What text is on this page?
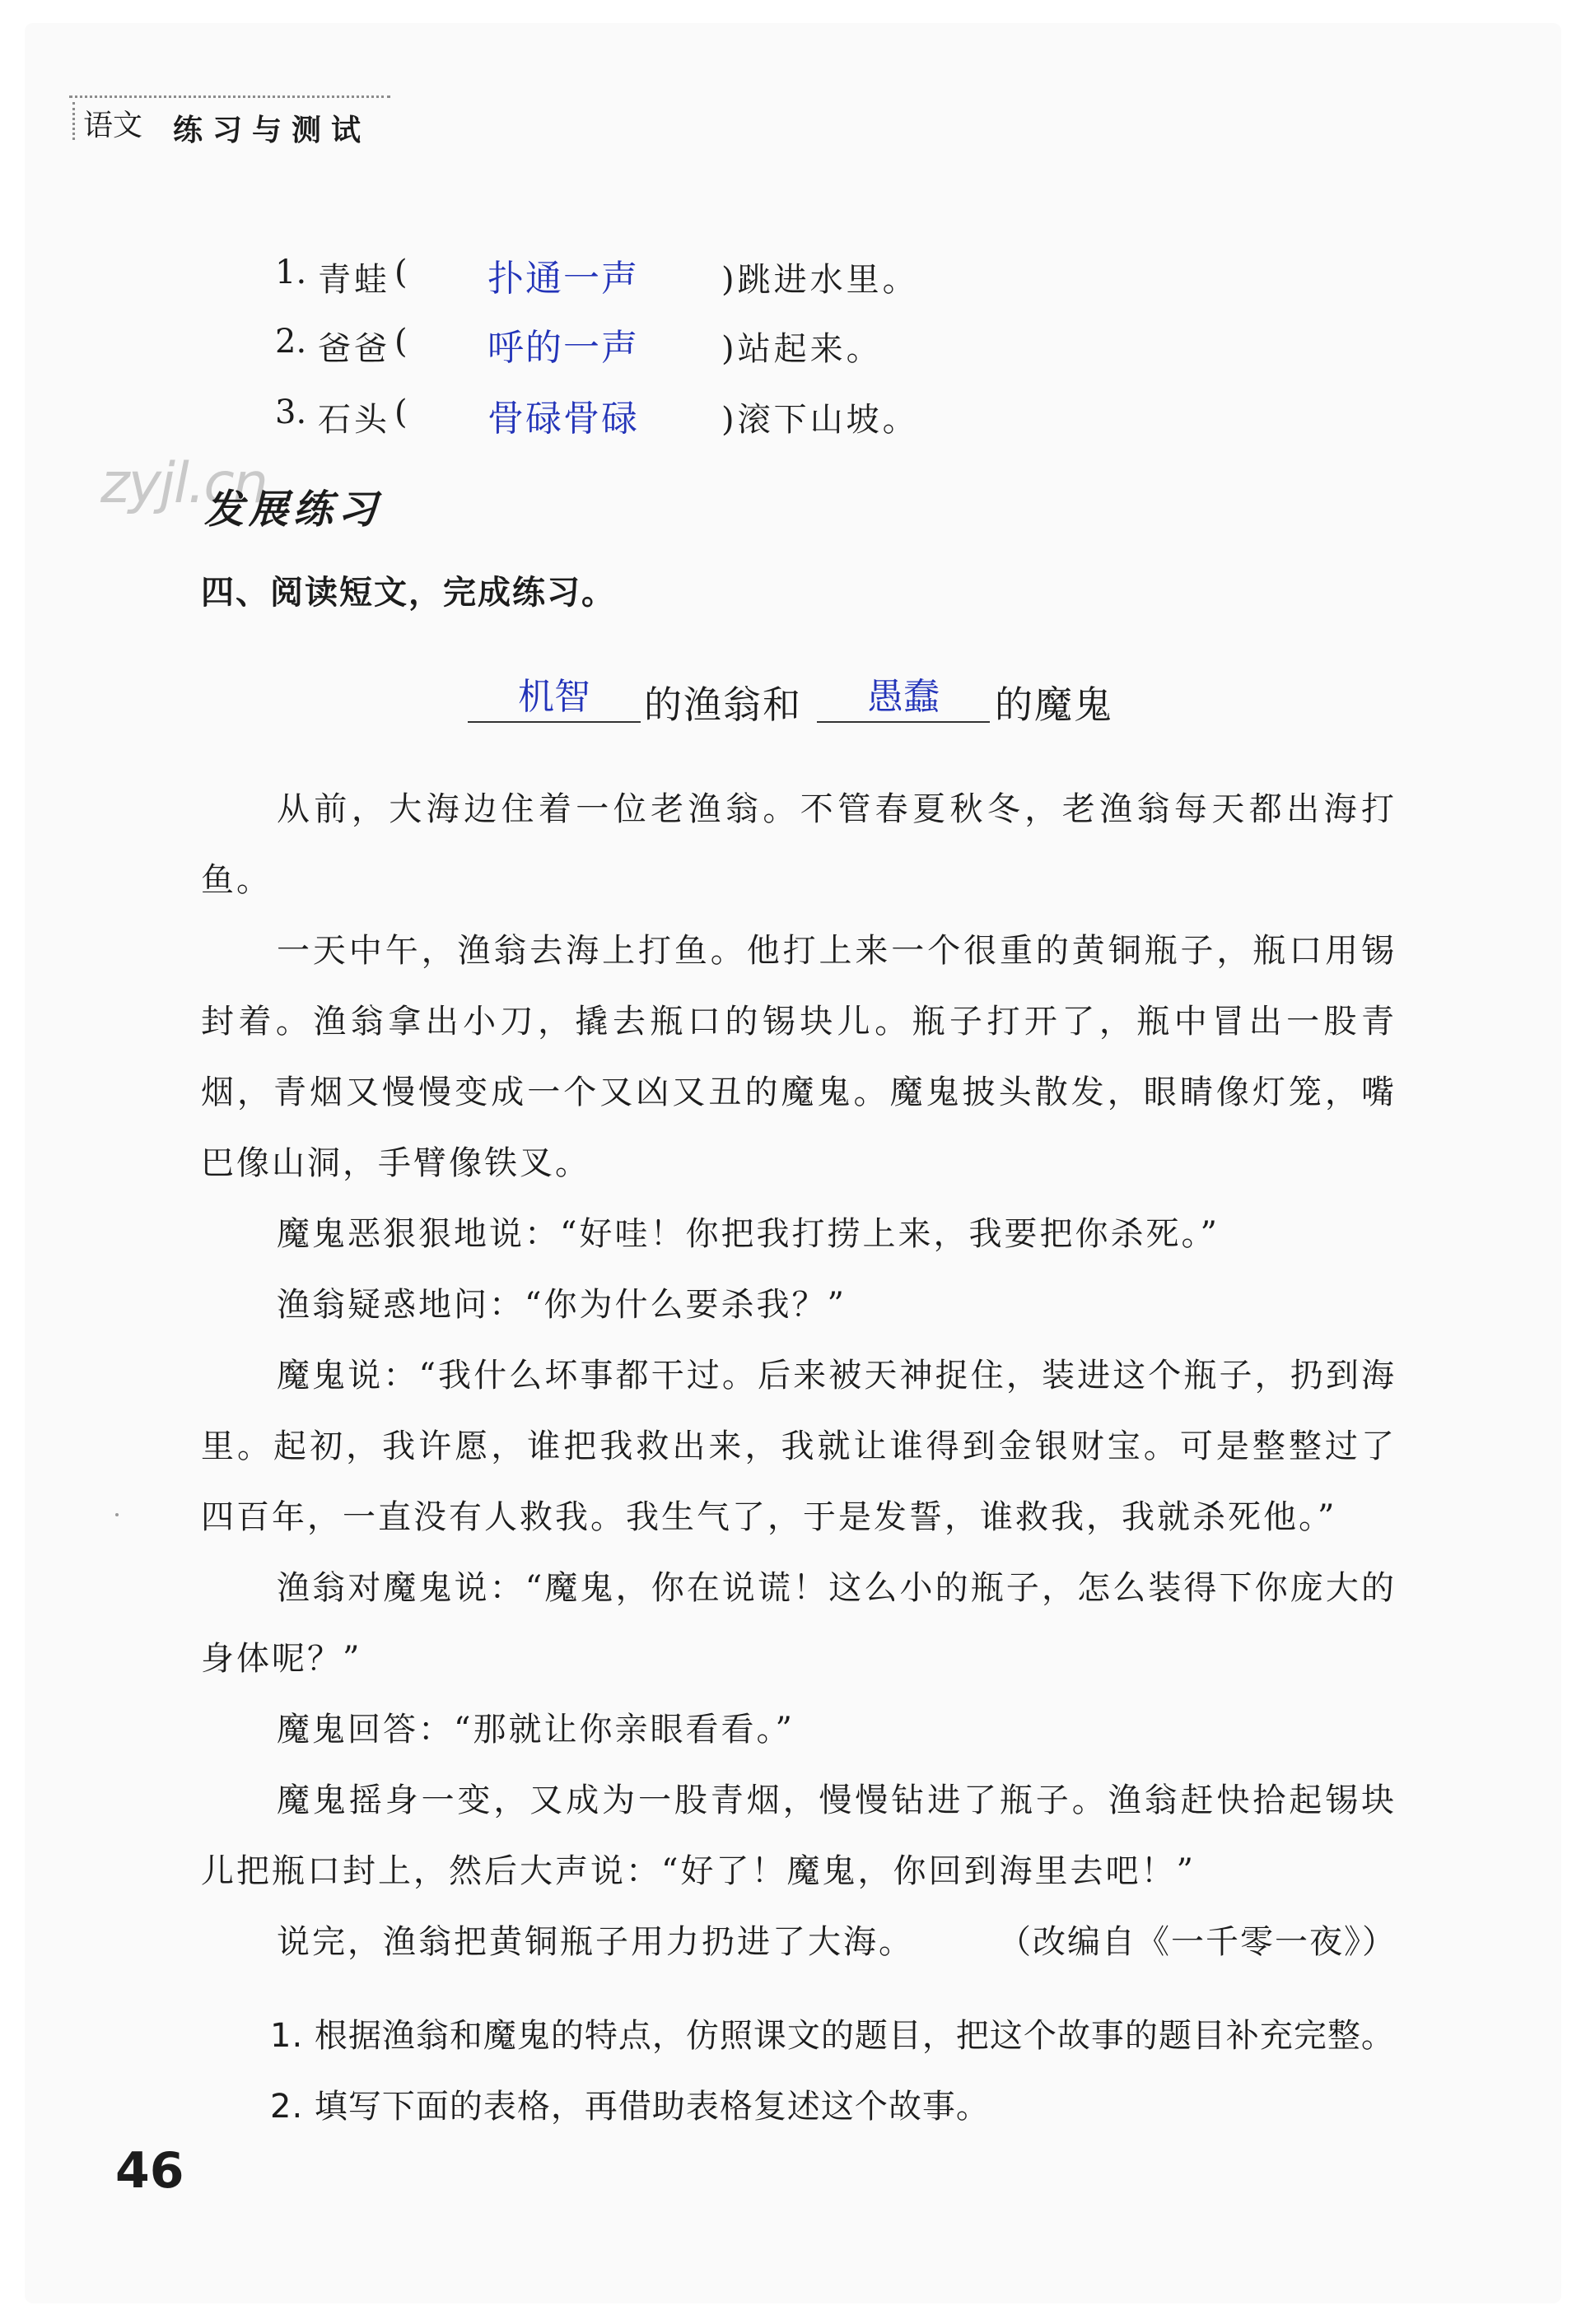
语文	练习与测试
1. 青蛙 ( 扑通一声	)跳进水里。
2. 爸爸 ( 呼的一声	)站起来。
3. 石头 ( 骨碌骨碌	)滚下山坡。
zyjl.cn
发展练习
四、阅读短文，完成练习。
机智	的渔翁和	愚蠢	的魔鬼

从前，大海边住着一位老渔翁。不管春夏秋冬，老渔翁每天都出海打鱼。

一天中午，渔翁去海上打鱼。他打上来一个很重的黄铜瓶子，瓶口用锡封着。渔翁拿出小刀，撬去瓶口的锡块儿。瓶子打开了，瓶中冒出一股青烟，青烟又慢慢变成一个又凶又丑的魔鬼。魔鬼披头散发，眼睛像灯笼，嘴巴像山洞，手臂像铁叉。

魔鬼恶狠狠地说：“好哇！你把我打捞上来，我要把你杀死。”

渔翁疑惑地问：“你为什么要杀我？”

魔鬼说：“我什么坏事都干过。后来被天神捉住，装进这个瓶子，扔到海里。起初，我许愿，谁把我救出来，我就让谁得到金银财宝。可是整整过了四百年，一直没有人救我。我生气了，于是发誓，谁救我，我就杀死他。”

渔翁对魔鬼说：“魔鬼，你在说谎！这么小的瓶子，怎么装得下你庞大的身体呢？”

魔鬼回答：“那就让你亲眼看看。”

魔鬼摇身一变，又成为一股青烟，慢慢钻进了瓶子。渔翁赶快拾起锡块儿把瓶口封上，然后大声说：“好了！魔鬼，你回到海里去吧！”

说完，渔翁把黄铜瓶子用力扔进了大海。	（改编自《一千零一夜》）

1. 根据渔翁和魔鬼的特点，仿照课文的题目，把这个故事的题目补充完整。
2. 填写下面的表格，再借助表格复述这个故事。
46
